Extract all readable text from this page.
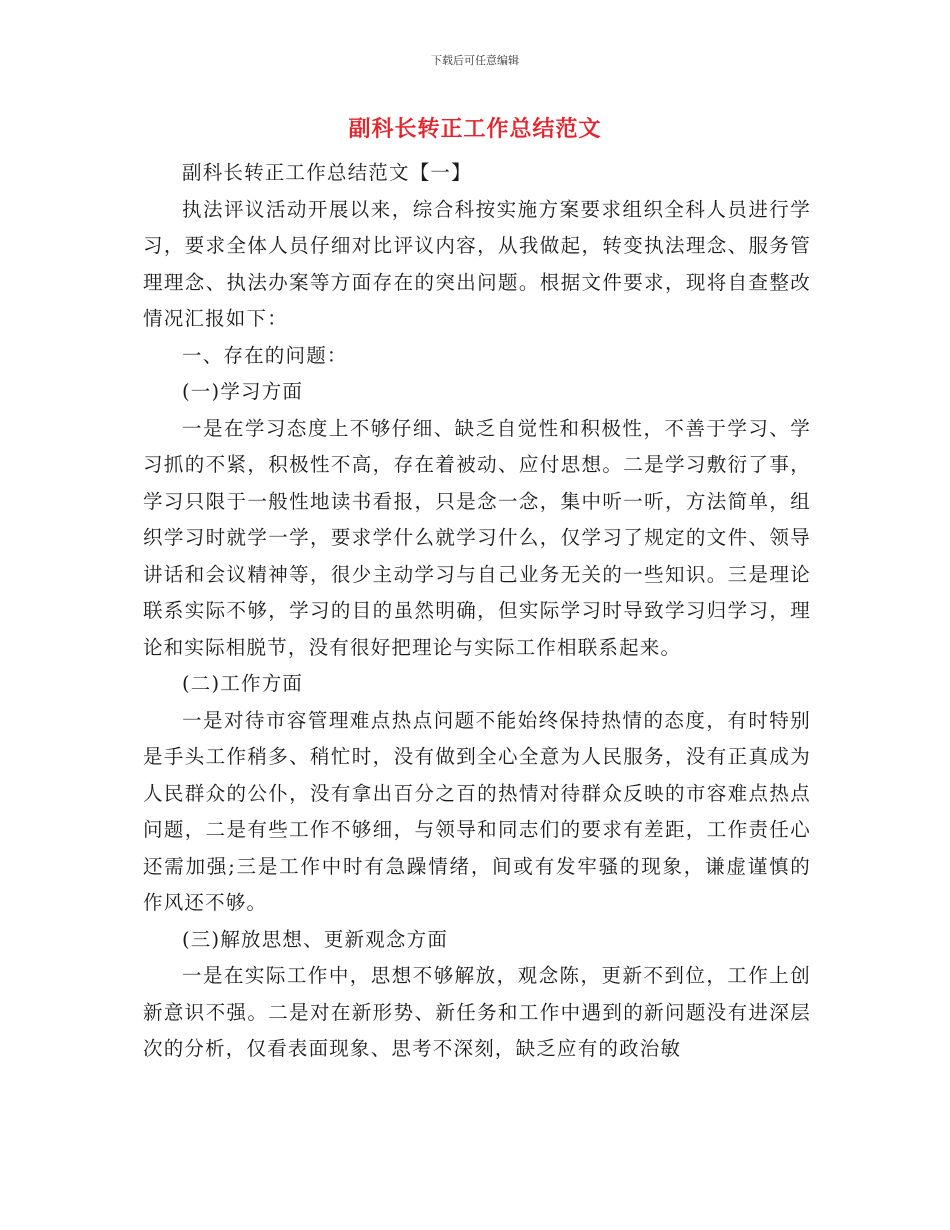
下载后可任意编辑
副科长转正工作总结范文

副科长转正工作总结范文【一】

执法评议活动开展以来，综合科按实施方案要求组织全科人员进行学习，要求全体人员仔细对比评议内容，从我做起，转变执法理念、服务管理理念、执法办案等方面存在的突出问题。根据文件要求，现将自查整改情况汇报如下：

一、存在的问题：

(一)学习方面

一是在学习态度上不够仔细、缺乏自觉性和积极性，不善于学习、学习抓的不紧，积极性不高，存在着被动、应付思想。二是学习敷衍了事，学习只限于一般性地读书看报，只是念一念，集中听一听，方法简单，组织学习时就学一学，要求学什么就学习什么，仅学习了规定的文件、领导讲话和会议精神等，很少主动学习与自己业务无关的一些知识。三是理论联系实际不够，学习的目的虽然明确，但实际学习时导致学习归学习，理论和实际相脱节，没有很好把理论与实际工作相联系起来。

(二)工作方面

一是对待市容管理难点热点问题不能始终保持热情的态度，有时特别是手头工作稍多、稍忙时，没有做到全心全意为人民服务，没有正真成为人民群众的公仆，没有拿出百分之百的热情对待群众反映的市容难点热点问题，二是有些工作不够细，与领导和同志们的要求有差距，工作责任心还需加强;三是工作中时有急躁情绪，间或有发牢骚的现象，谦虚谨慎的作风还不够。

(三)解放思想、更新观念方面

一是在实际工作中，思想不够解放，观念陈，更新不到位，工作上创新意识不强。二是对在新形势、新任务和工作中遇到的新问题没有进深层次的分析，仅看表面现象、思考不深刻，缺乏应有的政治敏
